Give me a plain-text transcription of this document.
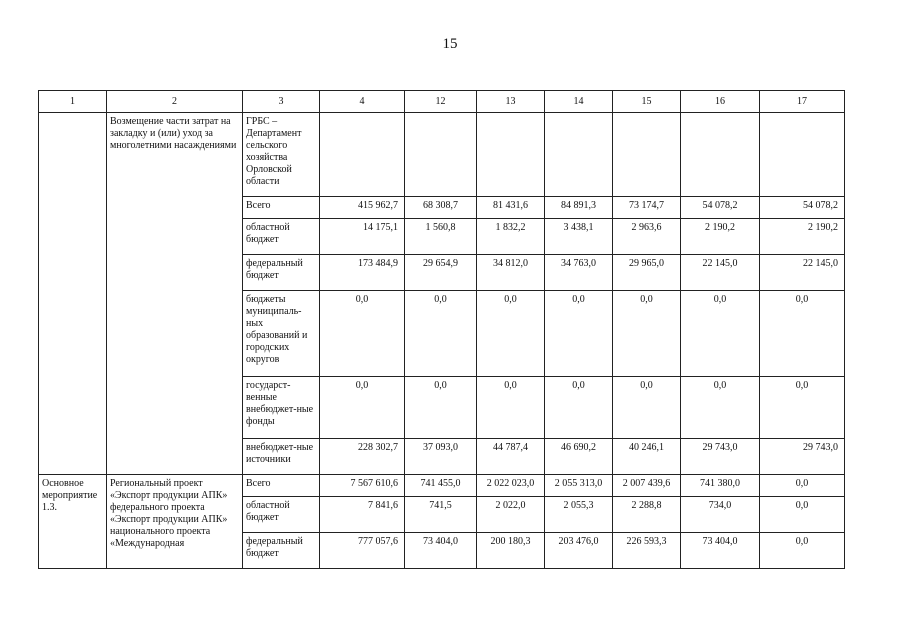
15
1	2	3	4	12	13	14	15	16	17
	Возмещение части затрат на закладку и (или) уход за многолетними насаждениями	ГРБС – Департамент сельского хозяйства Орловской области							
		Всего	415 962,7	68 308,7	81 431,6	84 891,3	73 174,7	54 078,2	54 078,2
		областной бюджет	14 175,1	1 560,8	1 832,2	3 438,1	2 963,6	2 190,2	2 190,2
		федеральный бюджет	173 484,9	29 654,9	34 812,0	34 763,0	29 965,0	22 145,0	22 145,0
		бюджеты муниципаль-ных образований и городских округов	0,0	0,0	0,0	0,0	0,0	0,0	0,0
		государст-венные внебюджет-ные фонды	0,0	0,0	0,0	0,0	0,0	0,0	0,0
		внебюджет-ные источники	228 302,7	37 093,0	44 787,4	46 690,2	40 246,1	29 743,0	29 743,0
Основное мероприятие 1.3.	Региональный проект «Экспорт продукции АПК» федерального проекта «Экспорт продукции АПК» национального проекта «Международная	Всего	7 567 610,6	741 455,0	2 022 023,0	2 055 313,0	2 007 439,6	741 380,0	0,0
		областной бюджет	7 841,6	741,5	2 022,0	2 055,3	2 288,8	734,0	0,0
		федеральный бюджет	777 057,6	73 404,0	200 180,3	203 476,0	226 593,3	73 404,0	0,0
